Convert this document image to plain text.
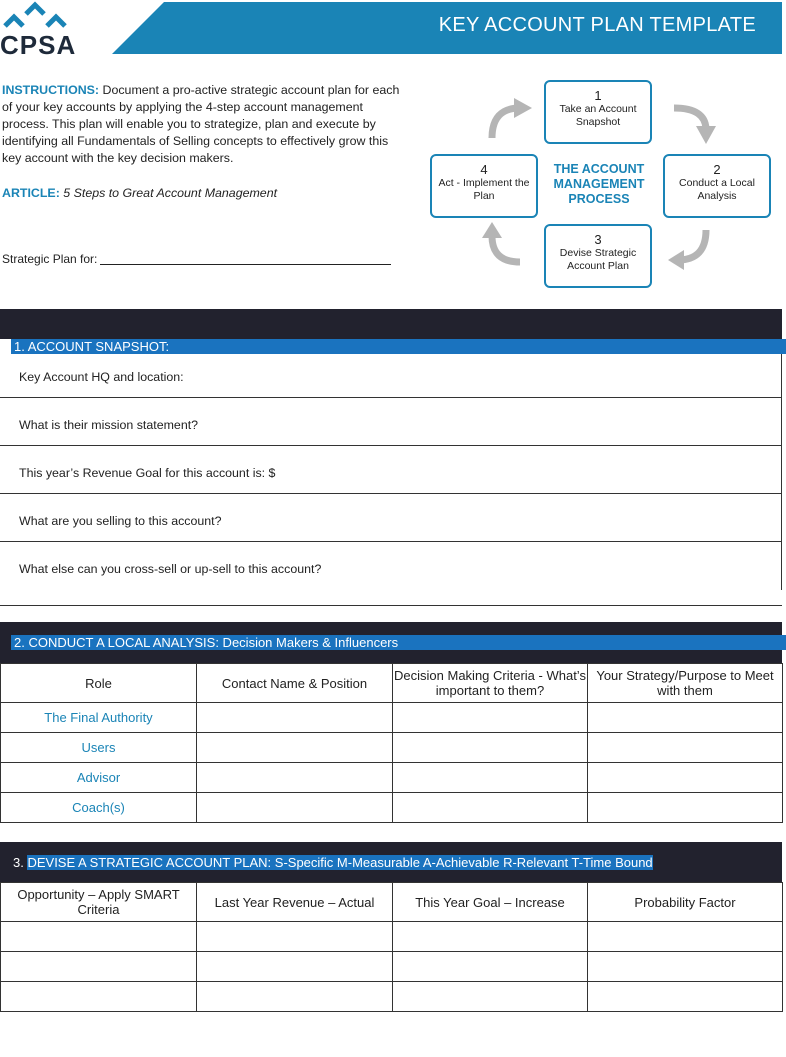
KEY ACCOUNT PLAN TEMPLATE
CPSA
INSTRUCTIONS: Document a pro-active strategic account plan for each of your key accounts by applying the 4-step account management process. This plan will enable you to strategize, plan and execute by identifying all Fundamentals of Selling concepts to effectively grow this key account with the key decision makers.
ARTICLE: 5 Steps to Great Account Management
Strategic Plan for:
1
Take an Account Snapshot
2
Conduct a Local Analysis
3
Devise Strategic Account Plan
4
Act - Implement the Plan
THE ACCOUNT MANAGEMENT PROCESS
1. ACCOUNT SNAPSHOT:
Key Account HQ and location:
What is their mission statement?
This year’s Revenue Goal for this account is: $
What are you selling to this account?
What else can you cross-sell or up-sell to this account?
2. CONDUCT A LOCAL ANALYSIS: Decision Makers & Influencers
Role	Contact Name & Position	Decision Making Criteria - What’s important to them?	Your Strategy/Purpose to Meet with them
The Final Authority			
Users			
Advisor			
Coach(s)			
3. DEVISE A STRATEGIC ACCOUNT PLAN: S-Specific M-Measurable A-Achievable R-Relevant T-Time Bound
Opportunity – Apply SMART Criteria	Last Year Revenue – Actual	This Year Goal – Increase	Probability Factor
